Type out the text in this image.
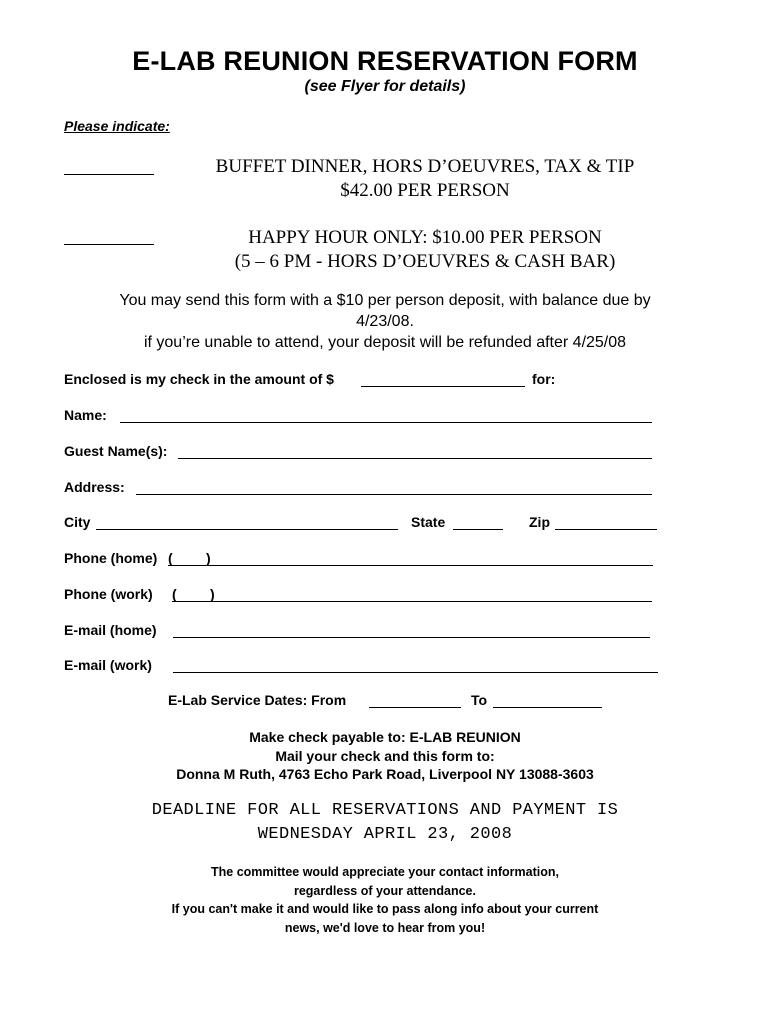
E-LAB REUNION RESERVATION FORM
(see Flyer for details)
Please indicate:
BUFFET DINNER, HORS D’OEUVRES, TAX & TIP
$42.00 PER PERSON
HAPPY HOUR ONLY: $10.00 PER PERSON
(5 – 6 PM - HORS D’OEUVRES & CASH BAR)
You may send this form with a $10 per person deposit, with balance due by
4/23/08.
if you’re unable to attend, your deposit will be refunded after 4/25/08
Enclosed is my check in the amount of $	for:
Name:
Guest Name(s):
Address:
City	State	Zip
Phone (home) ( )
Phone (work) ( )
E-mail (home)
E-mail (work)
E-Lab Service Dates: From	To
Make check payable to: E-LAB REUNION
Mail your check and this form to:
Donna M Ruth, 4763 Echo Park Road, Liverpool NY 13088-3603
DEADLINE FOR ALL RESERVATIONS AND PAYMENT IS
WEDNESDAY APRIL 23, 2008
The committee would appreciate your contact information,
regardless of your attendance.
If you can't make it and would like to pass along info about your current
news, we'd love to hear from you!
